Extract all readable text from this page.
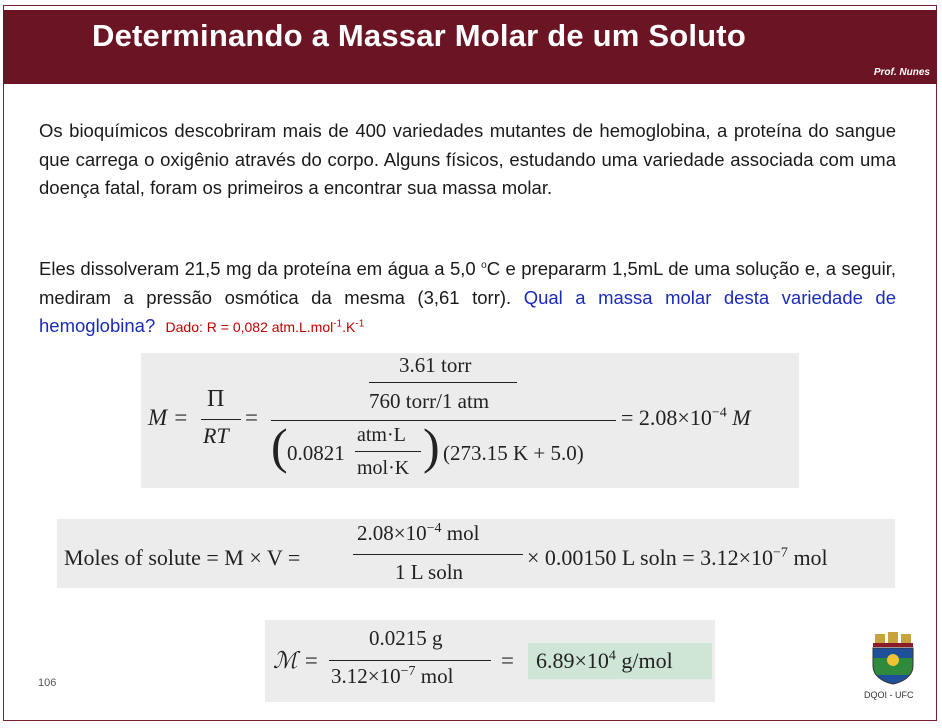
Determinando a Massar Molar de um Soluto
Prof. Nunes
Os bioquímicos descobriram mais de 400 variedades mutantes de hemoglobina, a proteína do sangue que carrega o oxigênio através do corpo. Alguns físicos, estudando uma variedade associada com uma doença fatal, foram os primeiros a encontrar sua massa molar.
Eles dissolveram 21,5 mg da proteína em água a 5,0 $^o$C e prepararm 1,5mL de uma solução e, a seguir, mediram a pressão osmótica da mesma (3,61 torr). Qual a massa molar desta variedade de hemoglobina? Dado: R = 0,082 $atm.L.mol^{-1}.K^{-1}$
M =
Π
RT
=
3.61 torr
760 torr/1 atm
( 0.0821
atm·L
mol·K ) (273.15 K + 5.0)
= $2.08\times 10^{-4}$ M
Moles of solute = M × V =
$2.08\times 10^{-4}$ mol
1 L soln
× 0.00150 L $soln = 3.12\times 10^{-7}$ mol
ℳ =
0.0215 g
$3.12\times 10^{-7}$ mol
= $6.89\times 10^4$ g/mol
106
DQOI - UFC
